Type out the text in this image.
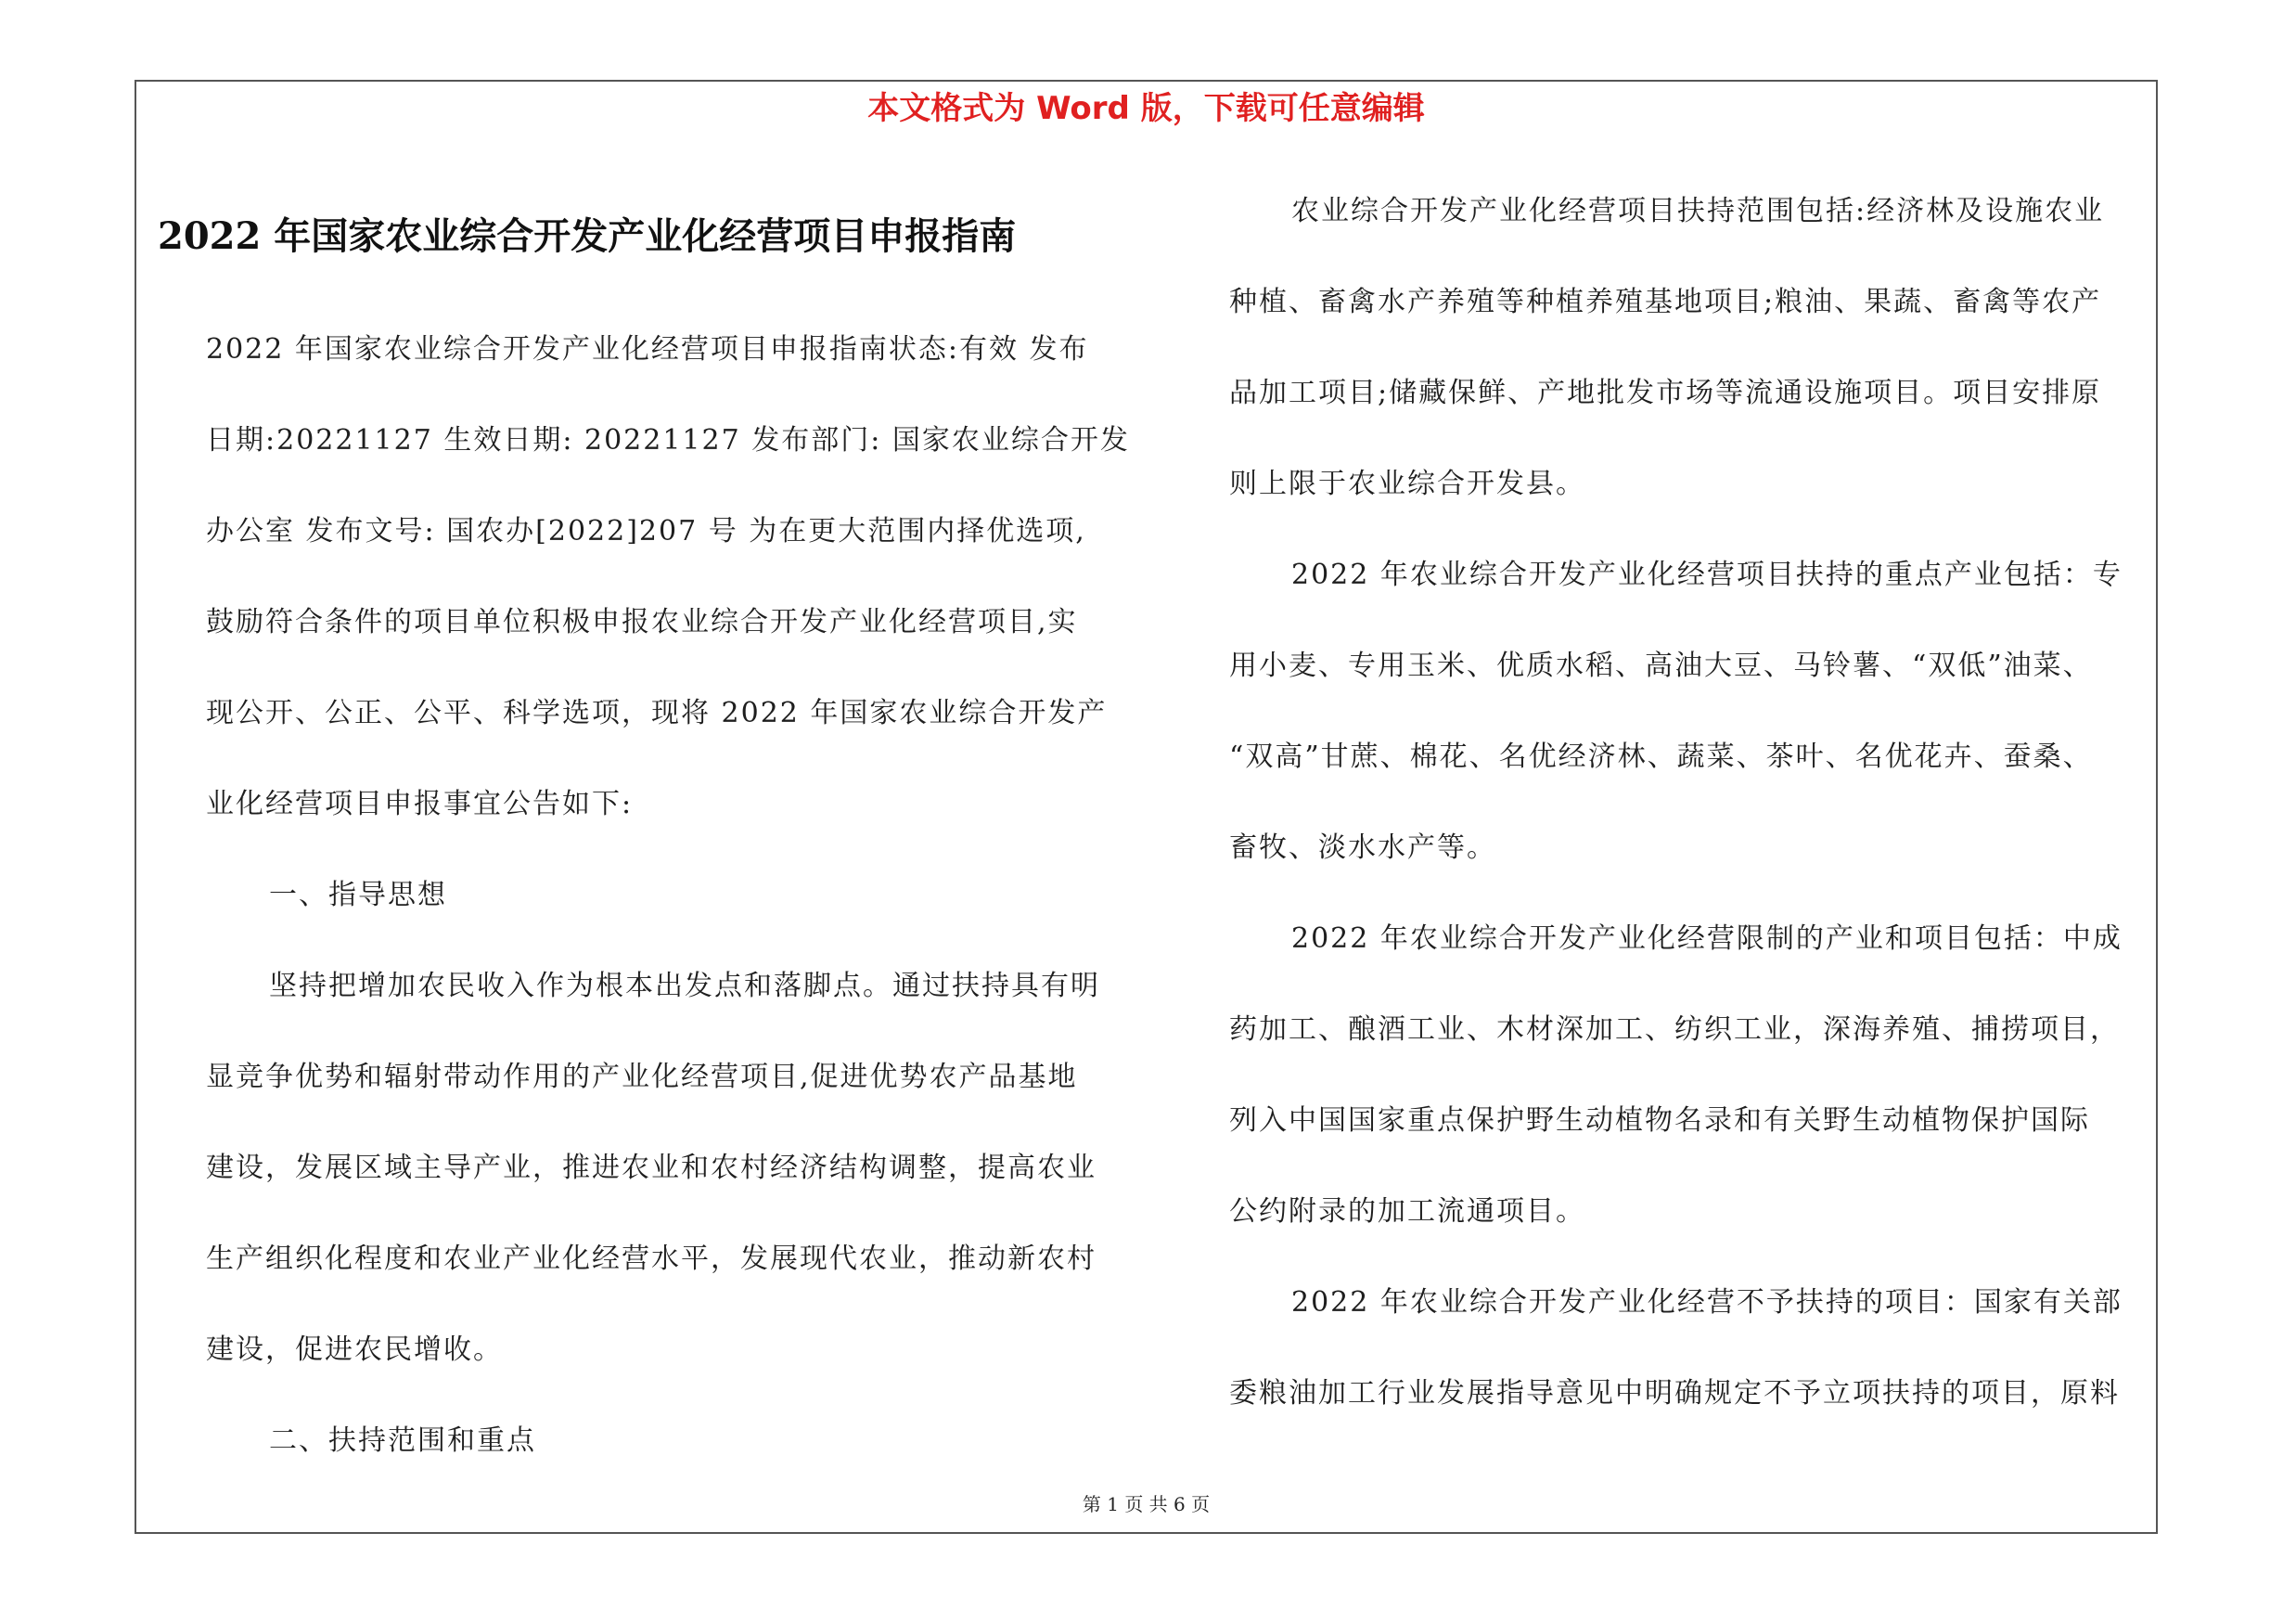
本文格式为 Word 版，下载可任意编辑
2022 年国家农业综合开发产业化经营项目申报指南
2022 年国家农业综合开发产业化经营项目申报指南状态:有效 发布
日期:20221127 生效日期: 20221127 发布部门: 国家农业综合开发
办公室 发布文号: 国农办[2022]207 号 为在更大范围内择优选项,
鼓励符合条件的项目单位积极申报农业综合开发产业化经营项目,实
现公开、公正、公平、科学选项，现将 2022 年国家农业综合开发产
业化经营项目申报事宜公告如下:
一、指导思想
坚持把增加农民收入作为根本出发点和落脚点。通过扶持具有明
显竞争优势和辐射带动作用的产业化经营项目,促进优势农产品基地
建设，发展区域主导产业，推进农业和农村经济结构调整，提高农业
生产组织化程度和农业产业化经营水平，发展现代农业，推动新农村
建设，促进农民增收。
二、扶持范围和重点
农业综合开发产业化经营项目扶持范围包括:经济林及设施农业
种植、畜禽水产养殖等种植养殖基地项目;粮油、果蔬、畜禽等农产
品加工项目;储藏保鲜、产地批发市场等流通设施项目。项目安排原
则上限于农业综合开发县。
2022 年农业综合开发产业化经营项目扶持的重点产业包括：专
用小麦、专用玉米、优质水稻、高油大豆、马铃薯、“双低”油菜、
“双高”甘蔗、棉花、名优经济林、蔬菜、茶叶、名优花卉、蚕桑、
畜牧、淡水水产等。
2022 年农业综合开发产业化经营限制的产业和项目包括：中成
药加工、酿酒工业、木材深加工、纺织工业，深海养殖、捕捞项目，
列入中国国家重点保护野生动植物名录和有关野生动植物保护国际
公约附录的加工流通项目。
2022 年农业综合开发产业化经营不予扶持的项目：国家有关部
委粮油加工行业发展指导意见中明确规定不予立项扶持的项目，原料
第 1 页 共 6 页
